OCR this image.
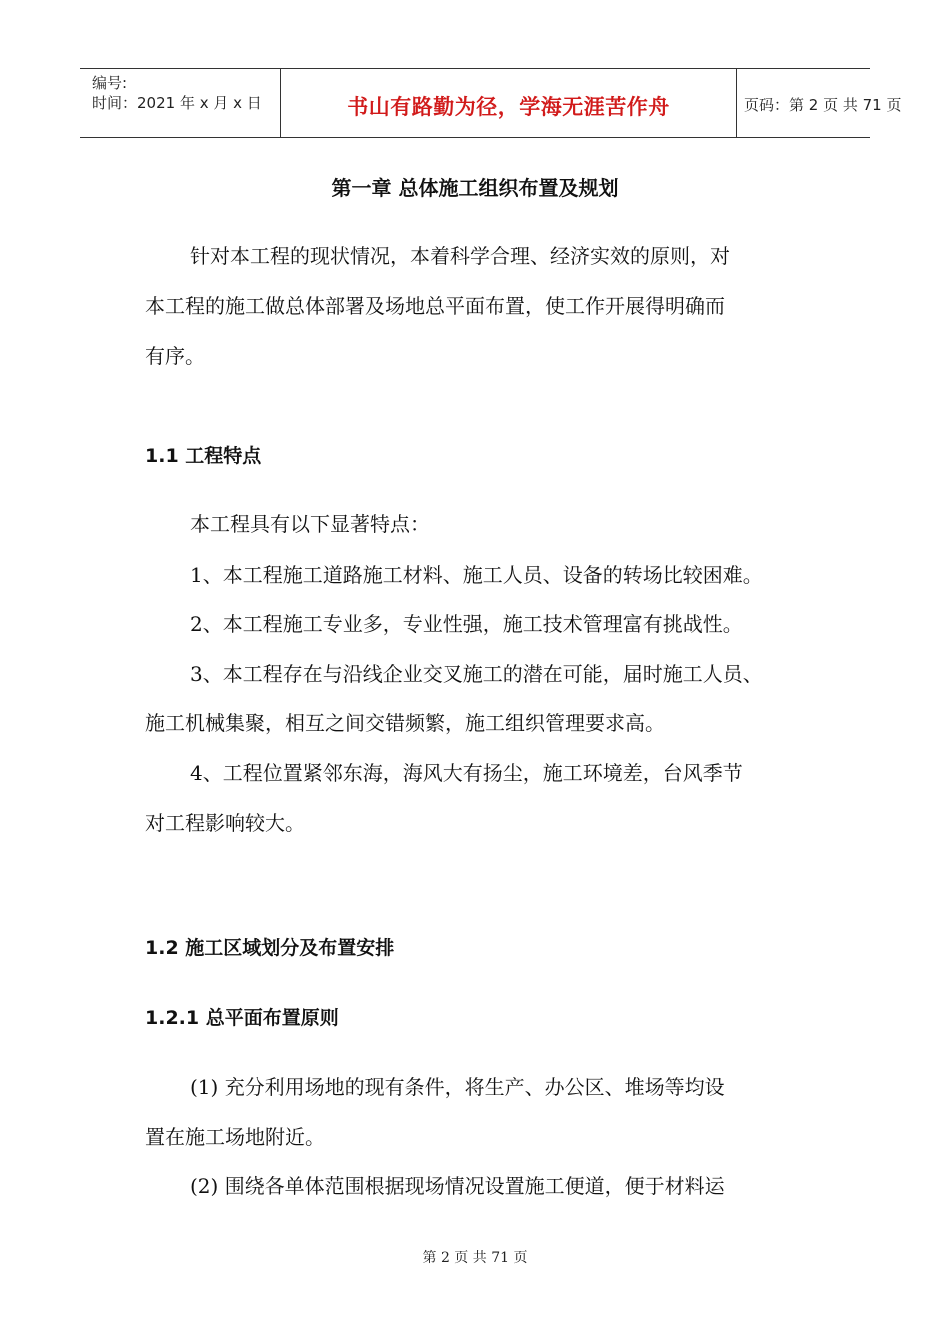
编号:
时间：2021 年 x 月 x 日	书山有路勤为径，学海无涯苦作舟	页码：第 2 页 共 71 页
第一章 总体施工组织布置及规划
针对本工程的现状情况，本着科学合理、经济实效的原则，对
本工程的施工做总体部署及场地总平面布置，使工作开展得明确而
有序。
1.1 工程特点
本工程具有以下显著特点：
1、本工程施工道路施工材料、施工人员、设备的转场比较困难。
2、本工程施工专业多，专业性强，施工技术管理富有挑战性。
3、本工程存在与沿线企业交叉施工的潜在可能，届时施工人员、
施工机械集聚，相互之间交错频繁，施工组织管理要求高。
4、工程位置紧邻东海，海风大有扬尘，施工环境差，台风季节
对工程影响较大。
1.2 施工区域划分及布置安排
1.2.1 总平面布置原则
(1) 充分利用场地的现有条件，将生产、办公区、堆场等均设
置在施工场地附近。
(2) 围绕各单体范围根据现场情况设置施工便道，便于材料运
第 2 页 共 71 页
